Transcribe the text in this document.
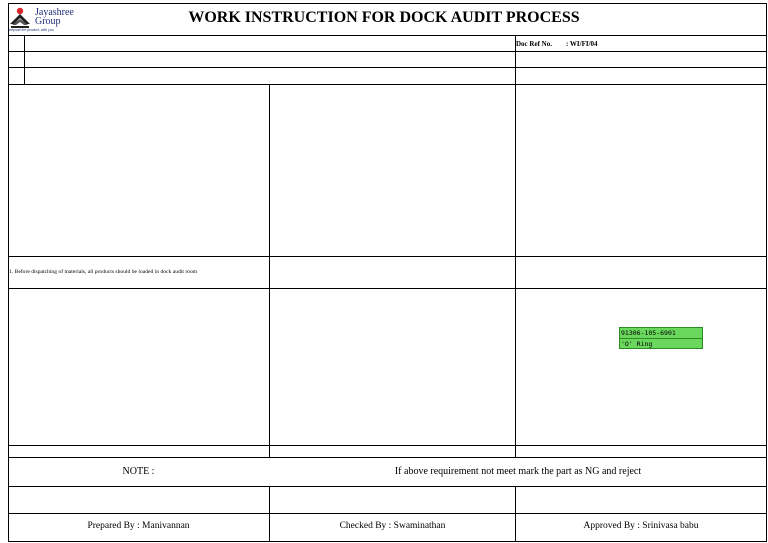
Jayashree
Group
beyond the product, with you
WORK INSTRUCTION FOR DOCK AUDIT PROCESS
Doc Ref No. : WI/FI/04
1. Before dispatching of materials, all products should be loaded in dock audit room
91306-105-6901
'O' Ring
NOTE :	If above requirement not meet mark the part as NG and reject
Prepared By : Manivannan	Checked By : Swaminathan	Approved By : Srinivasa babu
